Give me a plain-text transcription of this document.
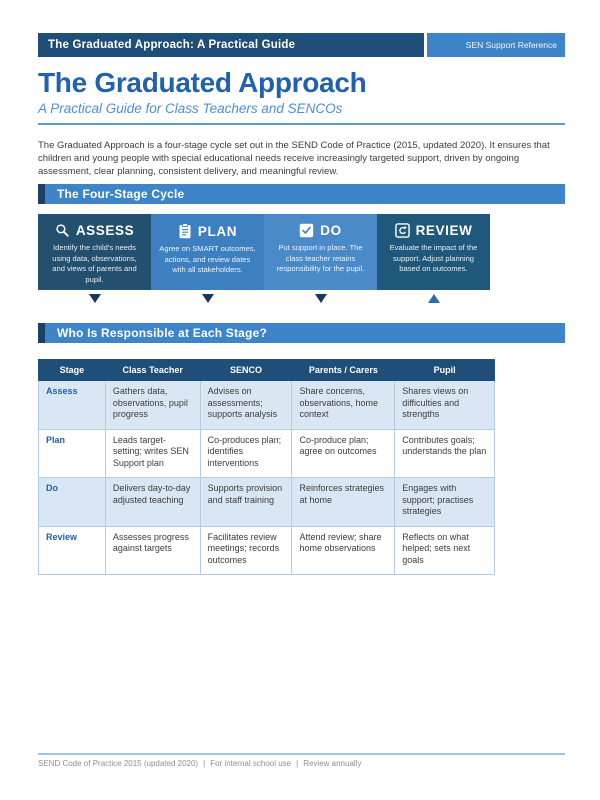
The Graduated Approach: A Practical Guide	SEN Support Reference
The Graduated Approach
A Practical Guide for Class Teachers and SENCOs
The Graduated Approach is a four-stage cycle set out in the SEND Code of Practice (2015, updated 2020). It ensures that children and young people with special educational needs receive increasingly targeted support, driven by ongoing assessment, clear planning, consistent delivery, and meaningful review.
The Four-Stage Cycle
ASSESS
Identify the child's needs using data, observations, and views of parents and pupil.
PLAN
Agree on SMART outcomes, actions, and review dates with all stakeholders.
DO
Put support in place. The class teacher retains responsibility for the pupil.
REVIEW
Evaluate the impact of the support. Adjust planning based on outcomes.
Who Is Responsible at Each Stage?
Stage	Class Teacher	SENCO	Parents / Carers	Pupil
Assess	Gathers data, observations, pupil progress	Advises on assessments; supports analysis	Share concerns, observations, home context	Shares views on difficulties and strengths
Plan	Leads target-setting; writes SEN Support plan	Co-produces plan; identifies interventions	Co-produce plan; agree on outcomes	Contributes goals; understands the plan
Do	Delivers day-to-day adjusted teaching	Supports provision and staff training	Reinforces strategies at home	Engages with support; practises strategies
Review	Assesses progress against targets	Facilitates review meetings; records outcomes	Attend review; share home observations	Reflects on what helped; sets next goals
SEND Code of Practice 2015 (updated 2020) | For internal school use | Review annually
